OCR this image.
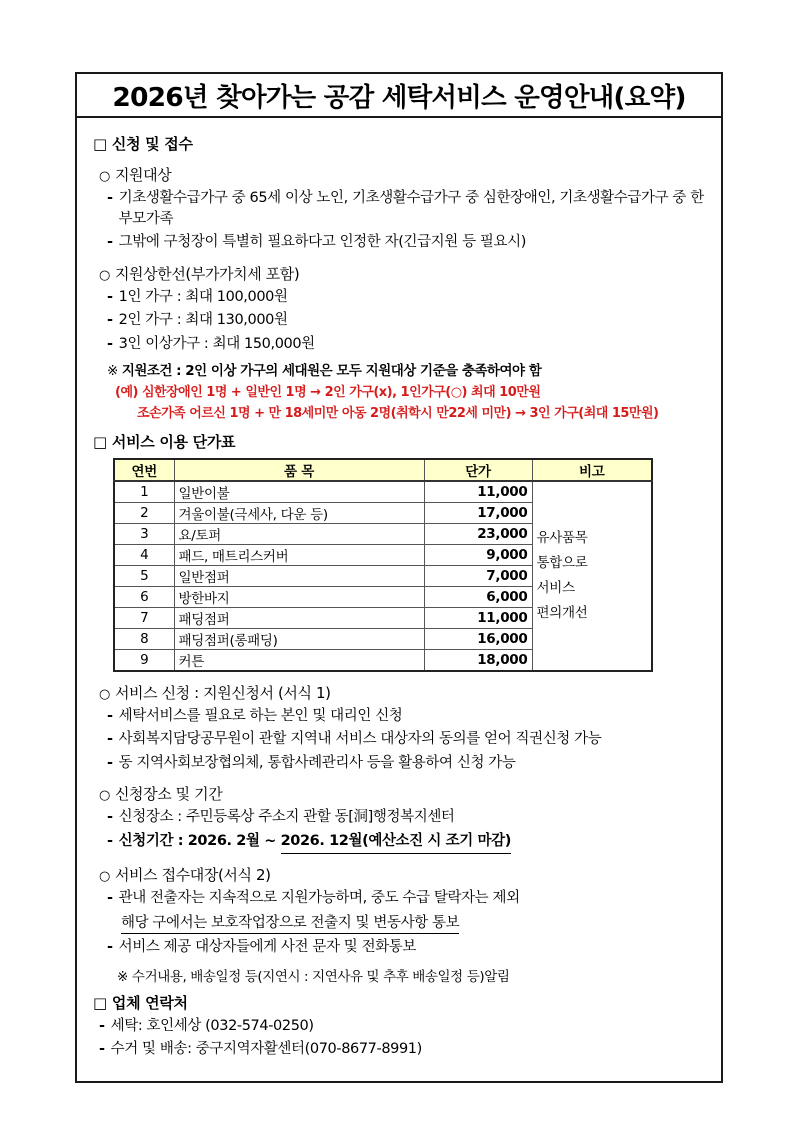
2026년 찾아가는 공감 세탁서비스 운영안내(요약)
□ 신청 및 접수
○ 지원대상
- 기초생활수급가구 중 65세 이상 노인, 기초생활수급가구 중 심한장애인, 기초생활수급가구 중 한부모가족
- 그밖에 구청장이 특별히 필요하다고 인정한 자(긴급지원 등 필요시)
○ 지원상한선(부가가치세 포함)
- 1인 가구 : 최대 100,000원
- 2인 가구 : 최대 130,000원
- 3인 이상가구 : 최대 150,000원
※ 지원조건 : 2인 이상 가구의 세대원은 모두 지원대상 기준을 충족하여야 함
(예) 심한장애인 1명 + 일반인 1명 → 2인 가구(x), 1인가구(○) 최대 10만원
조손가족 어르신 1명 + 만 18세미만 아동 2명(취학시 만22세 미만) → 3인 가구(최대 15만원)
□ 서비스 이용 단가표
연번	품 목	단가	비고
1	일반이불	11,000	유사품목
통합으로
서비스
편의개선

2	겨울이불(극세사, 다운 등)	17,000	
3	요/토퍼	23,000	
4	패드, 매트리스커버	9,000	
5	일반점퍼	7,000	
6	방한바지	6,000	
7	패딩점퍼	11,000	
8	패딩점퍼(롱패딩)	16,000	
9	커튼	18,000	
○ 서비스 신청 : 지원신청서 (서식 1)
- 세탁서비스를 필요로 하는 본인 및 대리인 신청
- 사회복지담당공무원이 관할 지역내 서비스 대상자의 동의를 얻어 직권신청 가능
- 동 지역사회보장협의체, 통합사례관리사 등을 활용하여 신청 가능
○ 신청장소 및 기간
- 신청장소 : 주민등록상 주소지 관할 동[洞]행정복지센터
- 신청기간 : 2026. 2월 ~ 2026. 12월(예산소진 시 조기 마감)
○ 서비스 접수대장(서식 2)
- 관내 전출자는 지속적으로 지원가능하며, 중도 수급 탈락자는 제외
해당 구에서는 보호작업장으로 전출지 및 변동사항 통보
- 서비스 제공 대상자들에게 사전 문자 및 전화통보
※ 수거내용, 배송일정 등(지연시 : 지연사유 및 추후 배송일정 등)알림
□ 업체 연락처
- 세탁: 호인세상 (032-574-0250)
- 수거 및 배송: 중구지역자활센터(070-8677-8991)
